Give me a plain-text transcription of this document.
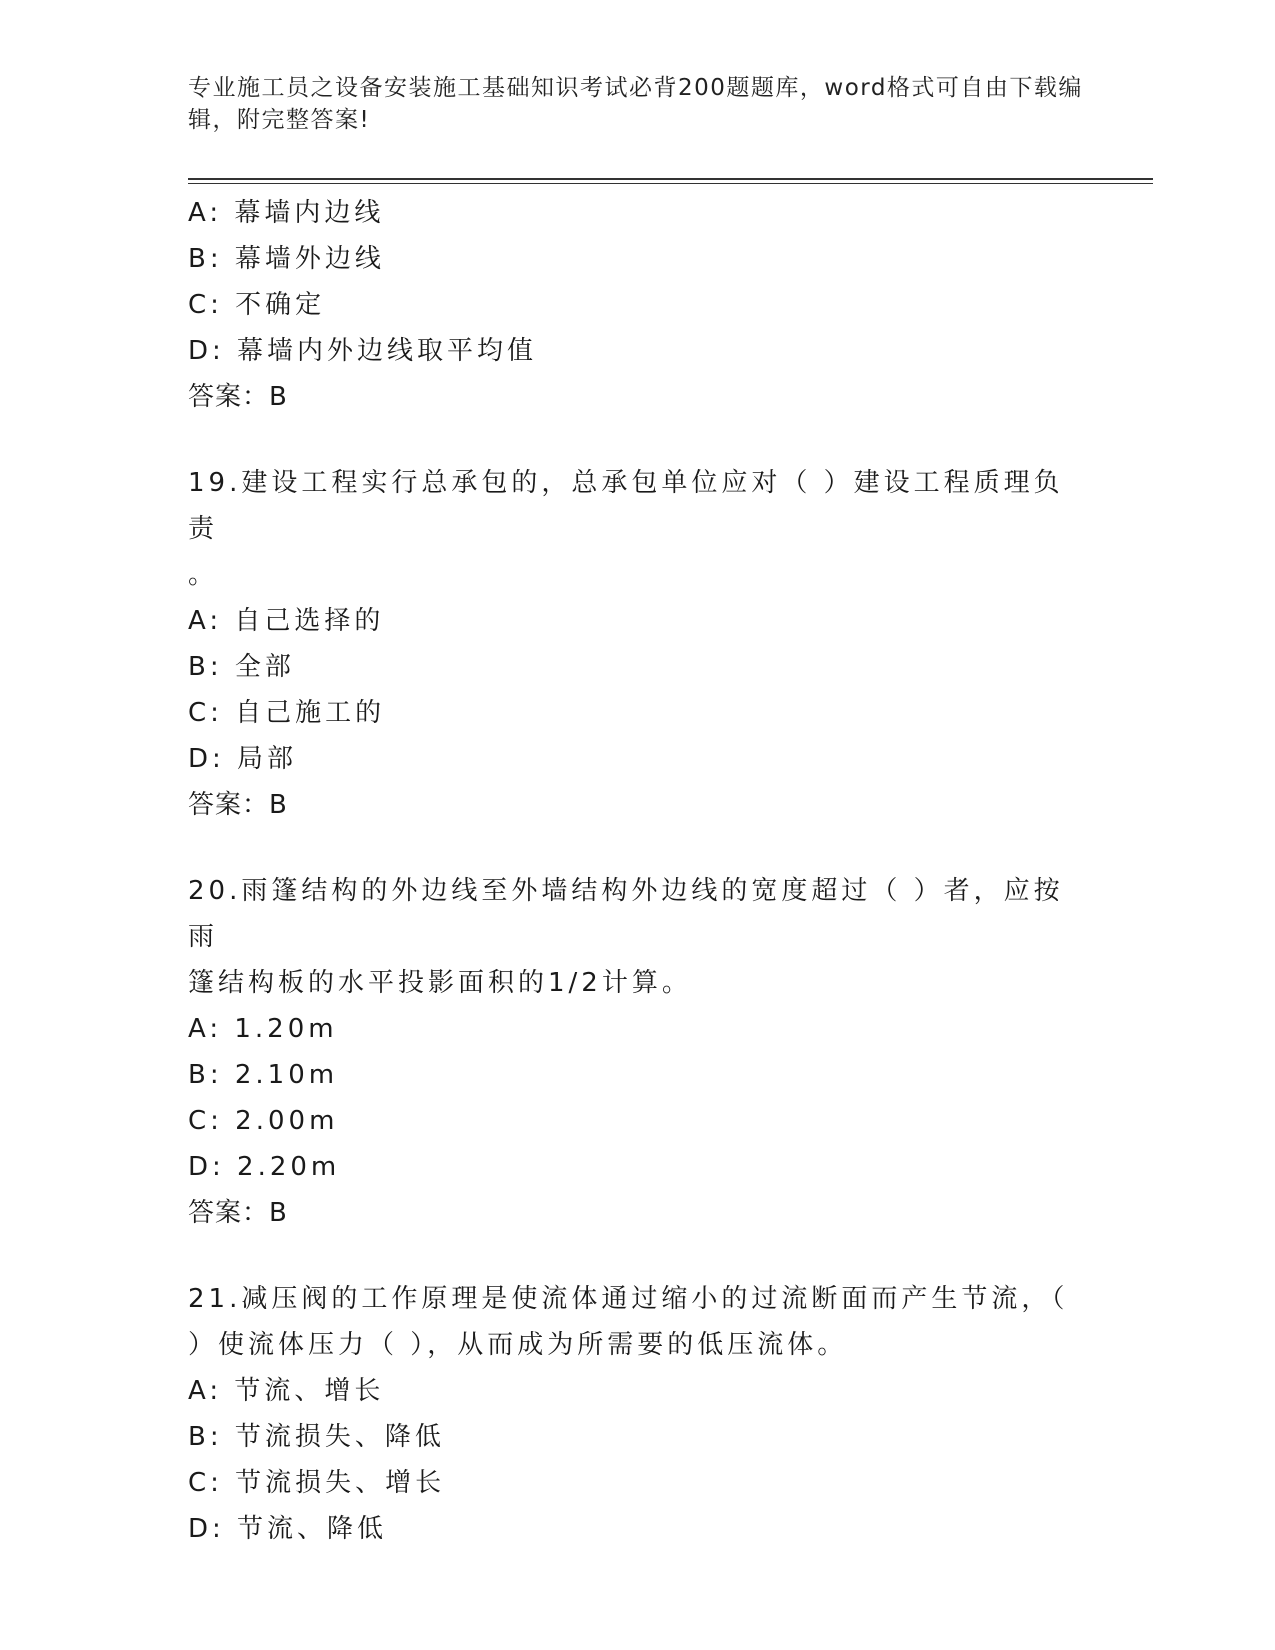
专业施工员之设备安装施工基础知识考试必背200题题库，word格式可自由下载编辑，附完整答案!
A: 幕墙内边线
B: 幕墙外边线
C: 不确定
D: 幕墙内外边线取平均值
答案：B
19.建设工程实行总承包的，总承包单位应对（ ）建设工程质理负责
。
A: 自己选择的
B: 全部
C: 自己施工的
D: 局部
答案：B
20.雨篷结构的外边线至外墙结构外边线的宽度超过（ ）者，应按雨
篷结构板的水平投影面积的1/2计算。
A: 1.20m
B: 2.10m
C: 2.00m
D: 2.20m
答案：B
21.减压阀的工作原理是使流体通过缩小的过流断面而产生节流，（
）使流体压力（ ），从而成为所需要的低压流体。
A: 节流、增长
B: 节流损失、降低
C: 节流损失、增长
D: 节流、降低
